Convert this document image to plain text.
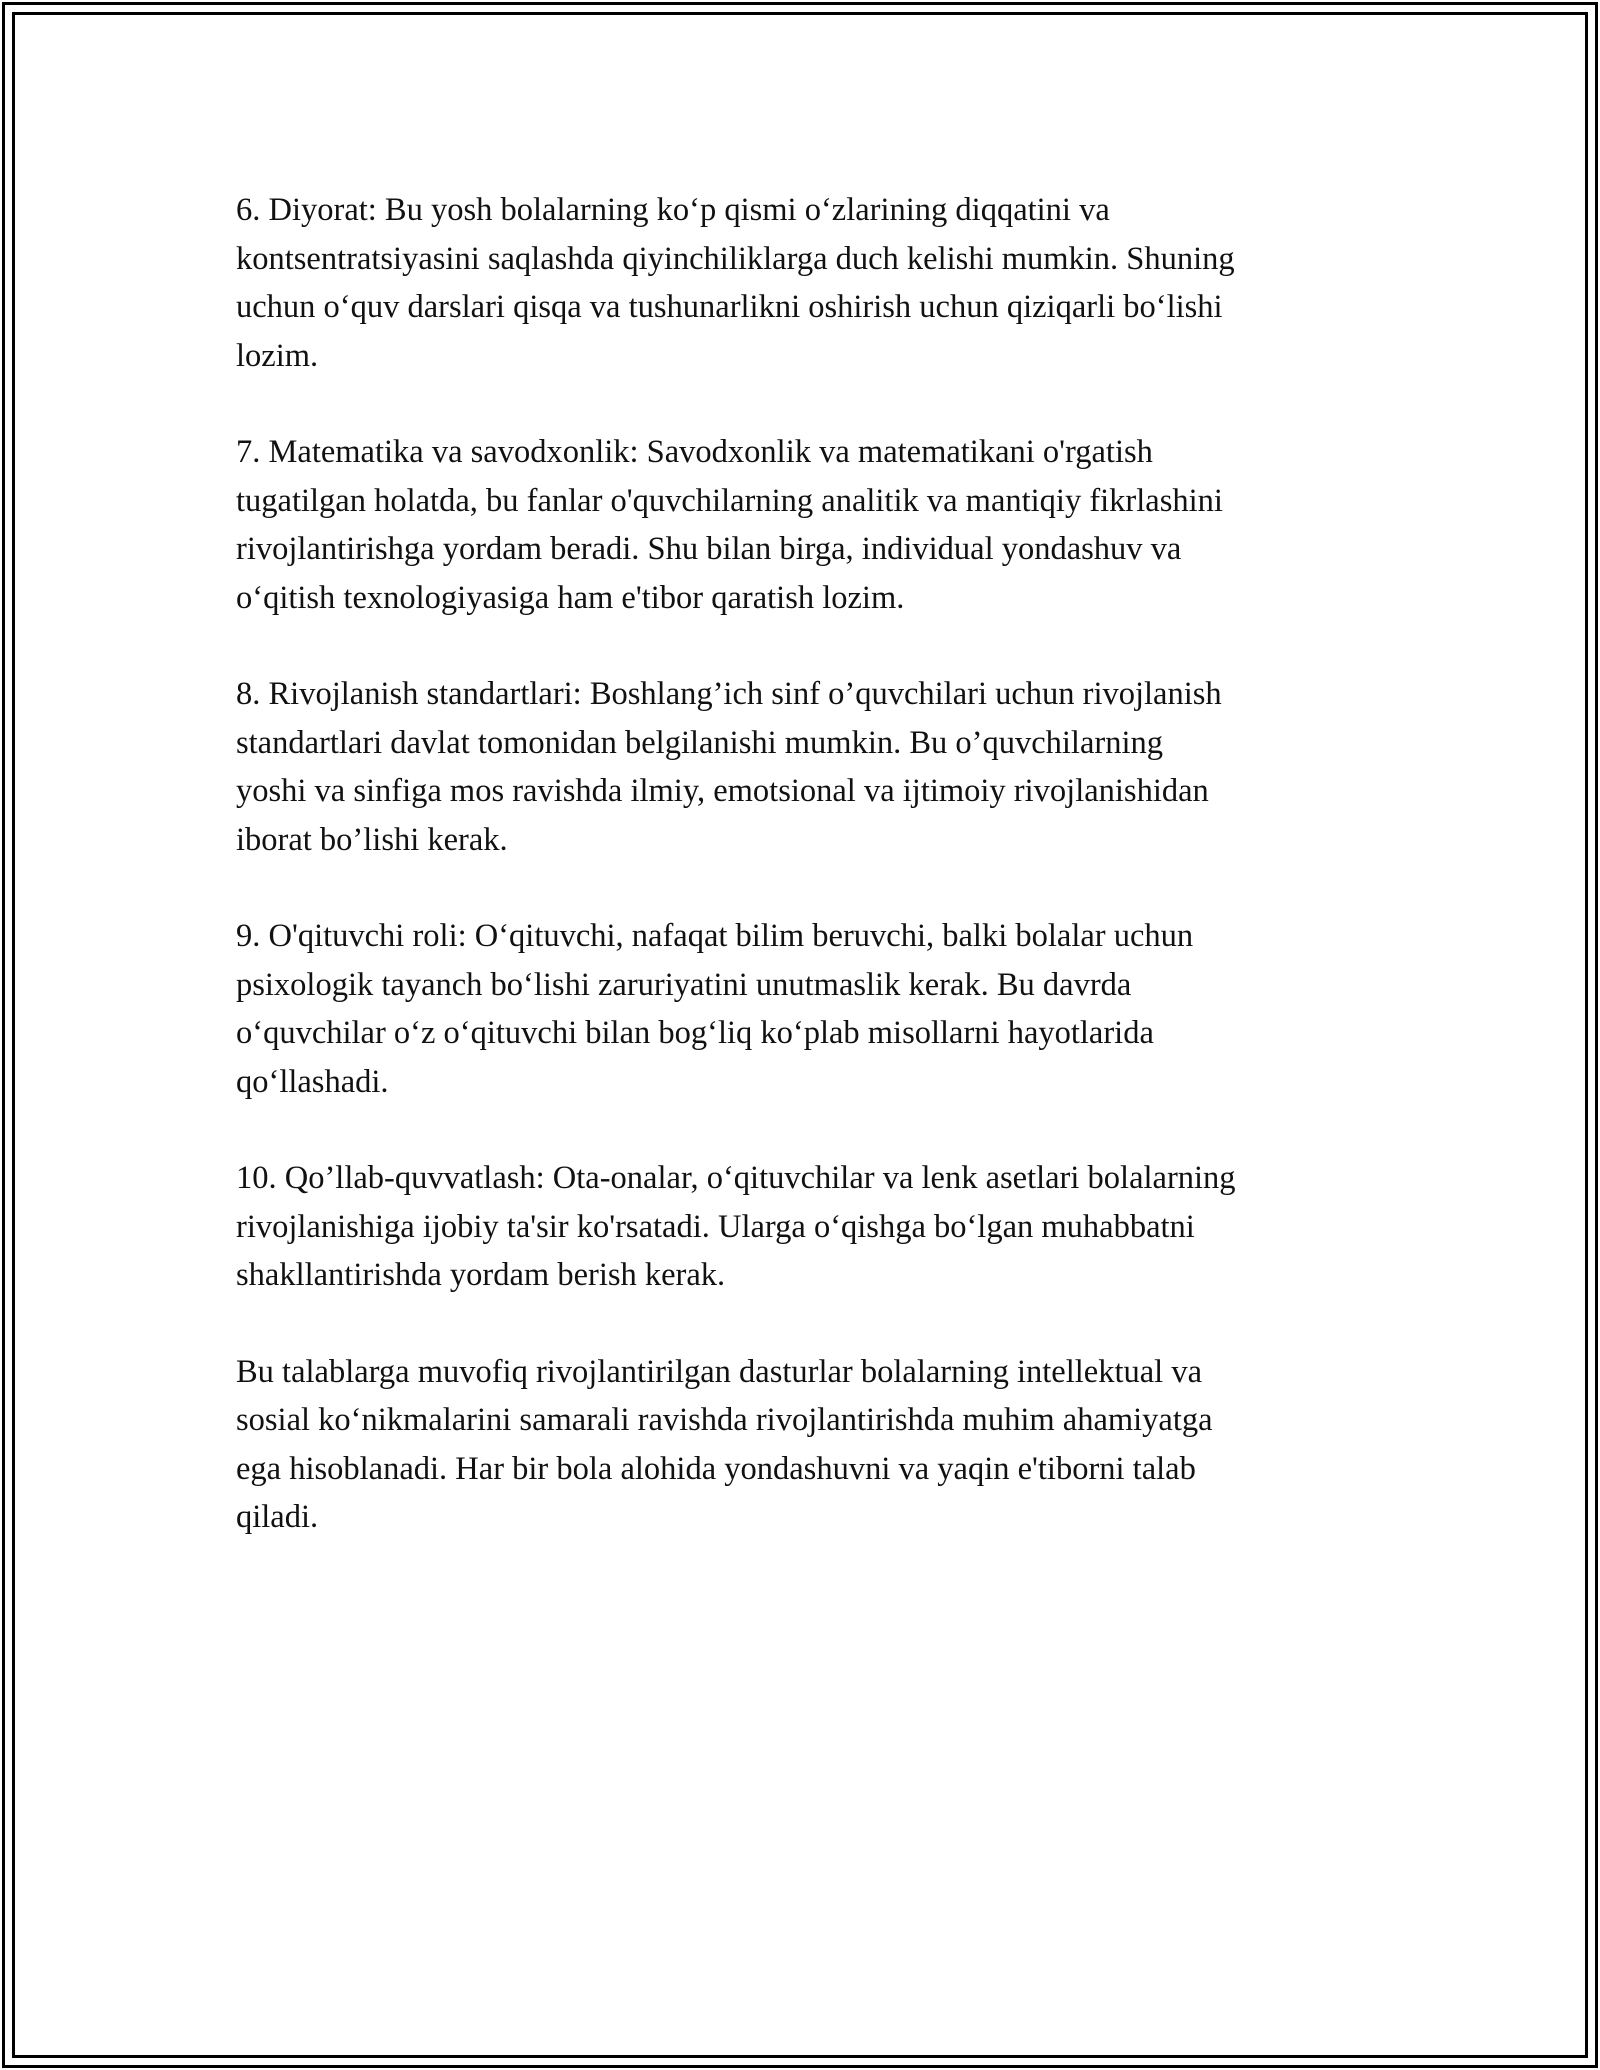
6. Diyorat: Bu yosh bolalarning ko‘p qismi o‘zlarining diqqatini va
kontsentratsiyasini saqlashda qiyinchiliklarga duch kelishi mumkin. Shuning
uchun o‘quv darslari qisqa va tushunarlikni oshirish uchun qiziqarli bo‘lishi
lozim.

7. Matematika va savodxonlik: Savodxonlik va matematikani o'rgatish
tugatilgan holatda, bu fanlar o'quvchilarning analitik va mantiqiy fikrlashini
rivojlantirishga yordam beradi. Shu bilan birga, individual yondashuv va
o‘qitish texnologiyasiga ham e'tibor qaratish lozim.

8. Rivojlanish standartlari: Boshlang’ich sinf o’quvchilari uchun rivojlanish
standartlari davlat tomonidan belgilanishi mumkin. Bu o’quvchilarning
yoshi va sinfiga mos ravishda ilmiy, emotsional va ijtimoiy rivojlanishidan
iborat bo’lishi kerak.

9. O'qituvchi roli: O‘qituvchi, nafaqat bilim beruvchi, balki bolalar uchun
psixologik tayanch bo‘lishi zaruriyatini unutmaslik kerak. Bu davrda
o‘quvchilar o‘z o‘qituvchi bilan bog‘liq ko‘plab misollarni hayotlarida
qo‘llashadi.

10. Qo’llab-quvvatlash: Ota-onalar, o‘qituvchilar va lenk asetlari bolalarning
rivojlanishiga ijobiy ta'sir ko'rsatadi. Ularga o‘qishga bo‘lgan muhabbatni
shakllantirishda yordam berish kerak.

Bu talablarga muvofiq rivojlantirilgan dasturlar bolalarning intellektual va
sosial ko‘nikmalarini samarali ravishda rivojlantirishda muhim ahamiyatga
ega hisoblanadi. Har bir bola alohida yondashuvni va yaqin e'tiborni talab
qiladi.
